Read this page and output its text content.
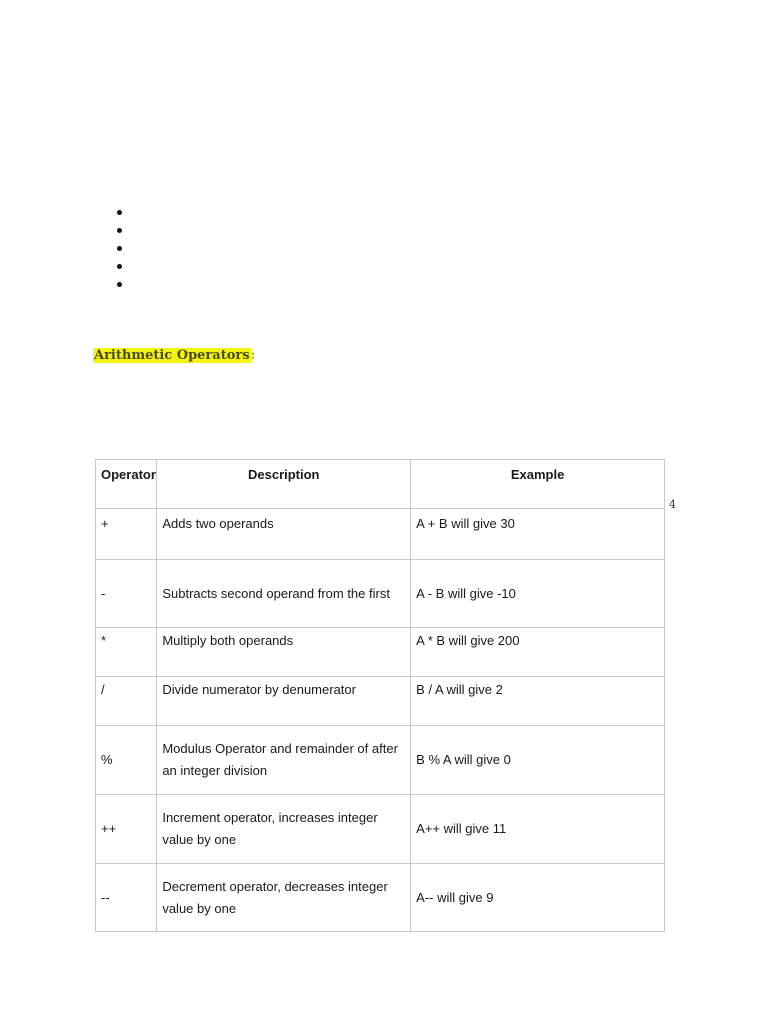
Arithmetic Operators:
Operator	Description	Example
+	Adds two operands	A + B will give 30
-	Subtracts second operand from the first	A - B will give -10
*	Multiply both operands	A * B will give 200
/	Divide numerator by denumerator	B / A will give 2
%	Modulus Operator and remainder of after an integer division	B % A will give 0
++	Increment operator, increases integer value by one	A++ will give 11
--	Decrement operator, decreases integer value by one	A-- will give 9
4
